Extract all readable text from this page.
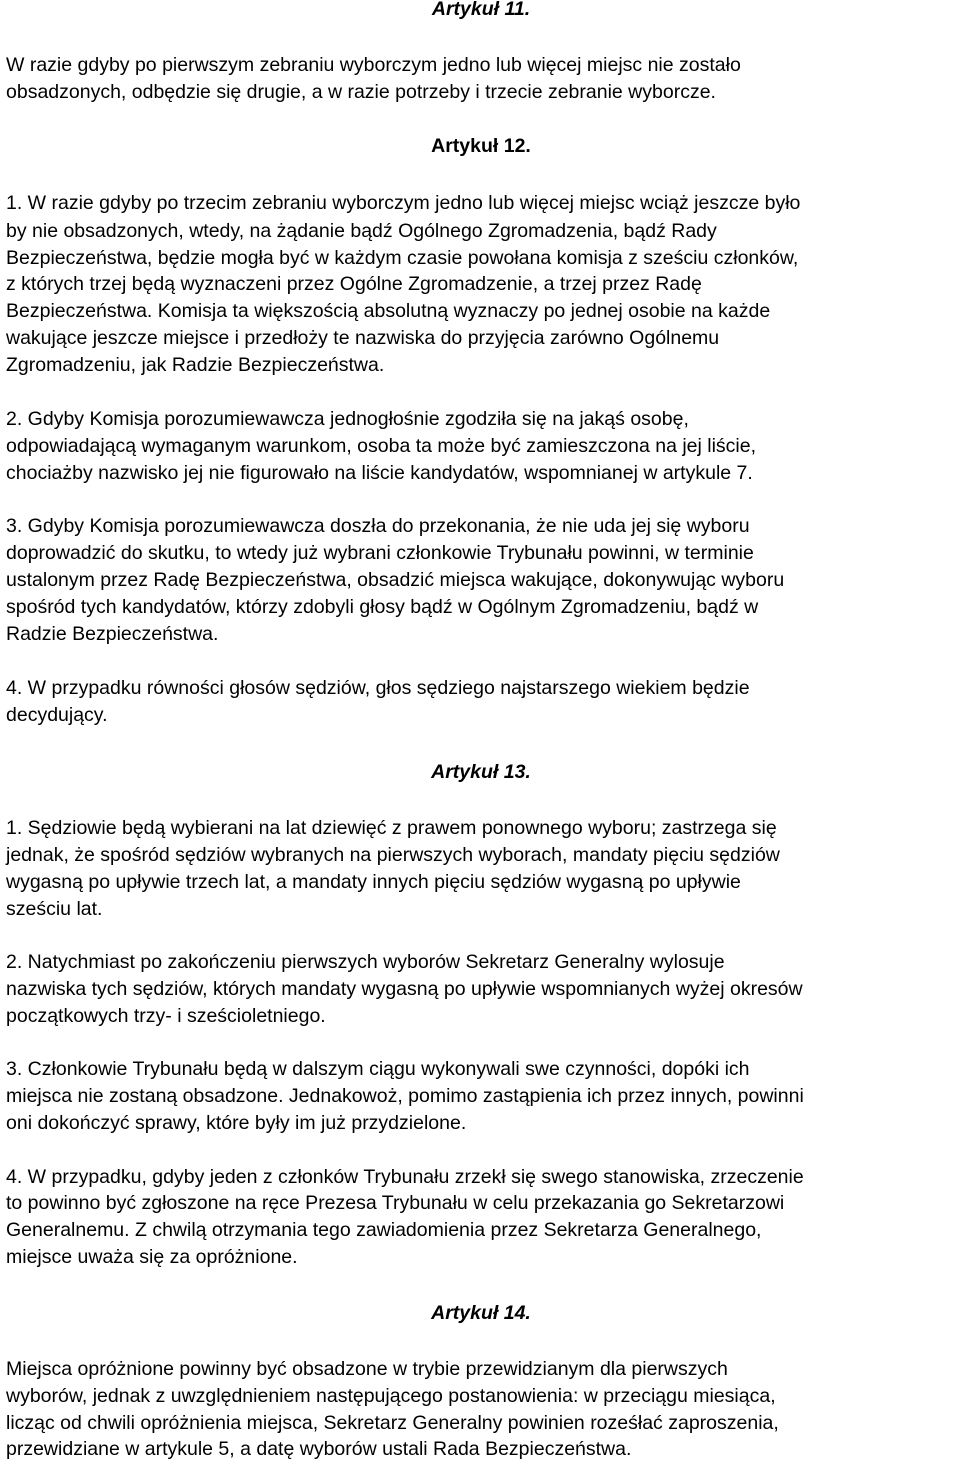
Artykuł 11.
W razie gdyby po pierwszym zebraniu wyborczym jedno lub więcej miejsc nie zostało
obsadzonych, odbędzie się drugie, a w razie potrzeby i trzecie zebranie wyborcze.
Artykuł 12.
1. W razie gdyby po trzecim zebraniu wyborczym jedno lub więcej miejsc wciąż jeszcze było
by nie obsadzonych, wtedy, na żądanie bądź Ogólnego Zgromadzenia, bądź Rady
Bezpieczeństwa, będzie mogła być w każdym czasie powołana komisja z sześciu członków,
z których trzej będą wyznaczeni przez Ogólne Zgromadzenie, a trzej przez Radę
Bezpieczeństwa. Komisja ta większością absolutną wyznaczy po jednej osobie na każde
wakujące jeszcze miejsce i przedłoży te nazwiska do przyjęcia zarówno Ogólnemu
Zgromadzeniu, jak Radzie Bezpieczeństwa.
2. Gdyby Komisja porozumiewawcza jednogłośnie zgodziła się na jakąś osobę,
odpowiadającą wymaganym warunkom, osoba ta może być zamieszczona na jej liście,
chociażby nazwisko jej nie figurowało na liście kandydatów, wspomnianej w artykule 7.
3. Gdyby Komisja porozumiewawcza doszła do przekonania, że nie uda jej się wyboru
doprowadzić do skutku, to wtedy już wybrani członkowie Trybunału powinni, w terminie
ustalonym przez Radę Bezpieczeństwa, obsadzić miejsca wakujące, dokonywując wyboru
spośród tych kandydatów, którzy zdobyli głosy bądź w Ogólnym Zgromadzeniu, bądź w
Radzie Bezpieczeństwa.
4. W przypadku równości głosów sędziów, głos sędziego najstarszego wiekiem będzie
decydujący.
Artykuł 13.
1. Sędziowie będą wybierani na lat dziewięć z prawem ponownego wyboru; zastrzega się
jednak, że spośród sędziów wybranych na pierwszych wyborach, mandaty pięciu sędziów
wygasną po upływie trzech lat, a mandaty innych pięciu sędziów wygasną po upływie
sześciu lat.
2. Natychmiast po zakończeniu pierwszych wyborów Sekretarz Generalny wylosuje
nazwiska tych sędziów, których mandaty wygasną po upływie wspomnianych wyżej okresów
początkowych trzy- i sześcioletniego.
3. Członkowie Trybunału będą w dalszym ciągu wykonywali swe czynności, dopóki ich
miejsca nie zostaną obsadzone. Jednakowoż, pomimo zastąpienia ich przez innych, powinni
oni dokończyć sprawy, które były im już przydzielone.
4. W przypadku, gdyby jeden z członków Trybunału zrzekł się swego stanowiska, zrzeczenie
to powinno być zgłoszone na ręce Prezesa Trybunału w celu przekazania go Sekretarzowi
Generalnemu. Z chwilą otrzymania tego zawiadomienia przez Sekretarza Generalnego,
miejsce uważa się za opróżnione.
Artykuł 14.
Miejsca opróżnione powinny być obsadzone w trybie przewidzianym dla pierwszych
wyborów, jednak z uwzględnieniem następującego postanowienia: w przeciągu miesiąca,
licząc od chwili opróżnienia miejsca, Sekretarz Generalny powinien roześłać zaproszenia,
przewidziane w artykule 5, a datę wyborów ustali Rada Bezpieczeństwa.
